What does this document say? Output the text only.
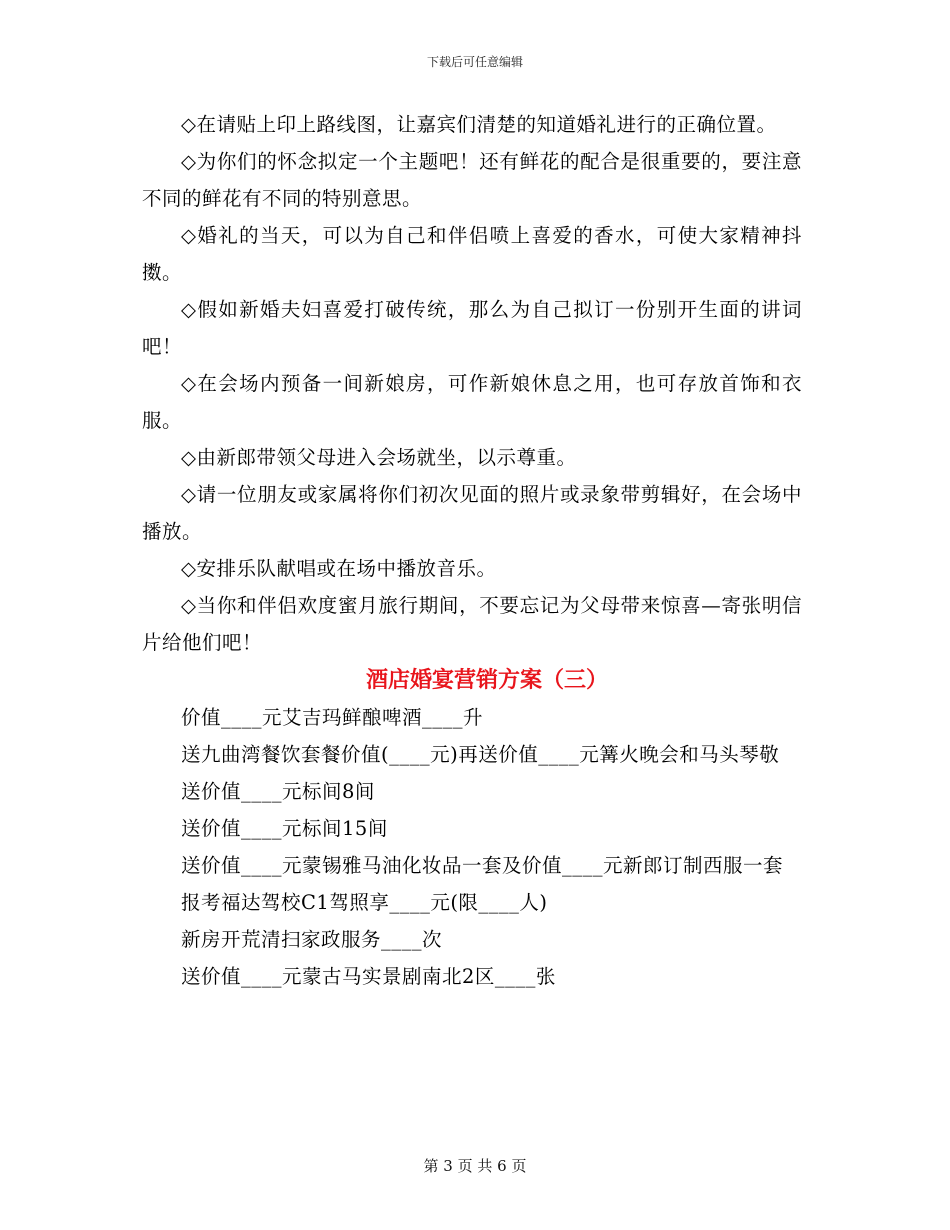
下载后可任意编辑

◇在请贴上印上路线图，让嘉宾们清楚的知道婚礼进行的正确位置。

◇为你们的怀念拟定一个主题吧！还有鲜花的配合是很重要的，要注意不同的鲜花有不同的特别意思。

◇婚礼的当天，可以为自己和伴侣喷上喜爱的香水，可使大家精神抖擞。

◇假如新婚夫妇喜爱打破传统，那么为自己拟订一份别开生面的讲词吧！

◇在会场内预备一间新娘房，可作新娘休息之用，也可存放首饰和衣服。

◇由新郎带领父母进入会场就坐，以示尊重。

◇请一位朋友或家属将你们初次见面的照片或录象带剪辑好，在会场中播放。

◇安排乐队献唱或在场中播放音乐。

◇当你和伴侣欢度蜜月旅行期间，不要忘记为父母带来惊喜—寄张明信片给他们吧！

酒店婚宴营销方案（三）

价值____元艾吉玛鲜酿啤酒____升

送九曲湾餐饮套餐价值(____元)再送价值____元篝火晚会和马头琴敬

送价值____元标间8间

送价值____元标间15间

送价值____元蒙锡雅马油化妆品一套及价值____元新郎订制西服一套

报考福达驾校C1驾照享____元(限____人)

新房开荒清扫家政服务____次

送价值____元蒙古马实景剧南北2区____张

第 3 页 共 6 页
